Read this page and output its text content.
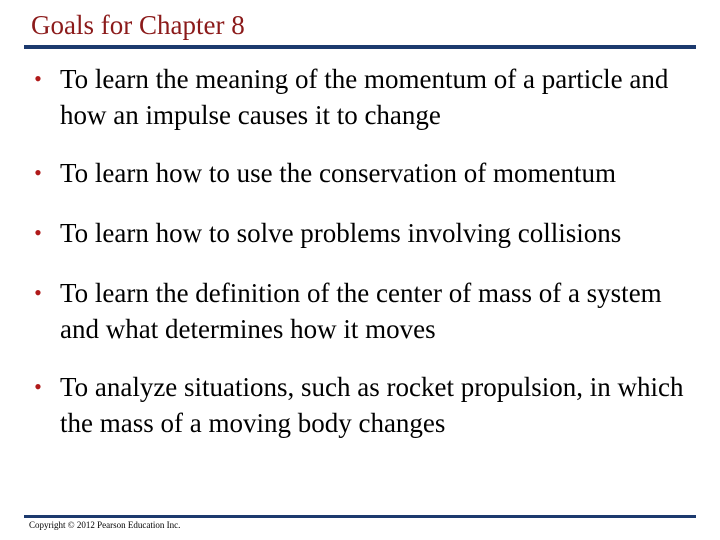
Goals for Chapter 8
• To learn the meaning of the momentum of a particle and how an impulse causes it to change
• To learn how to use the conservation of momentum
• To learn how to solve problems involving collisions
• To learn the definition of the center of mass of a system and what determines how it moves
• To analyze situations, such as rocket propulsion, in which the mass of a moving body changes
Copyright © 2012 Pearson Education Inc.
